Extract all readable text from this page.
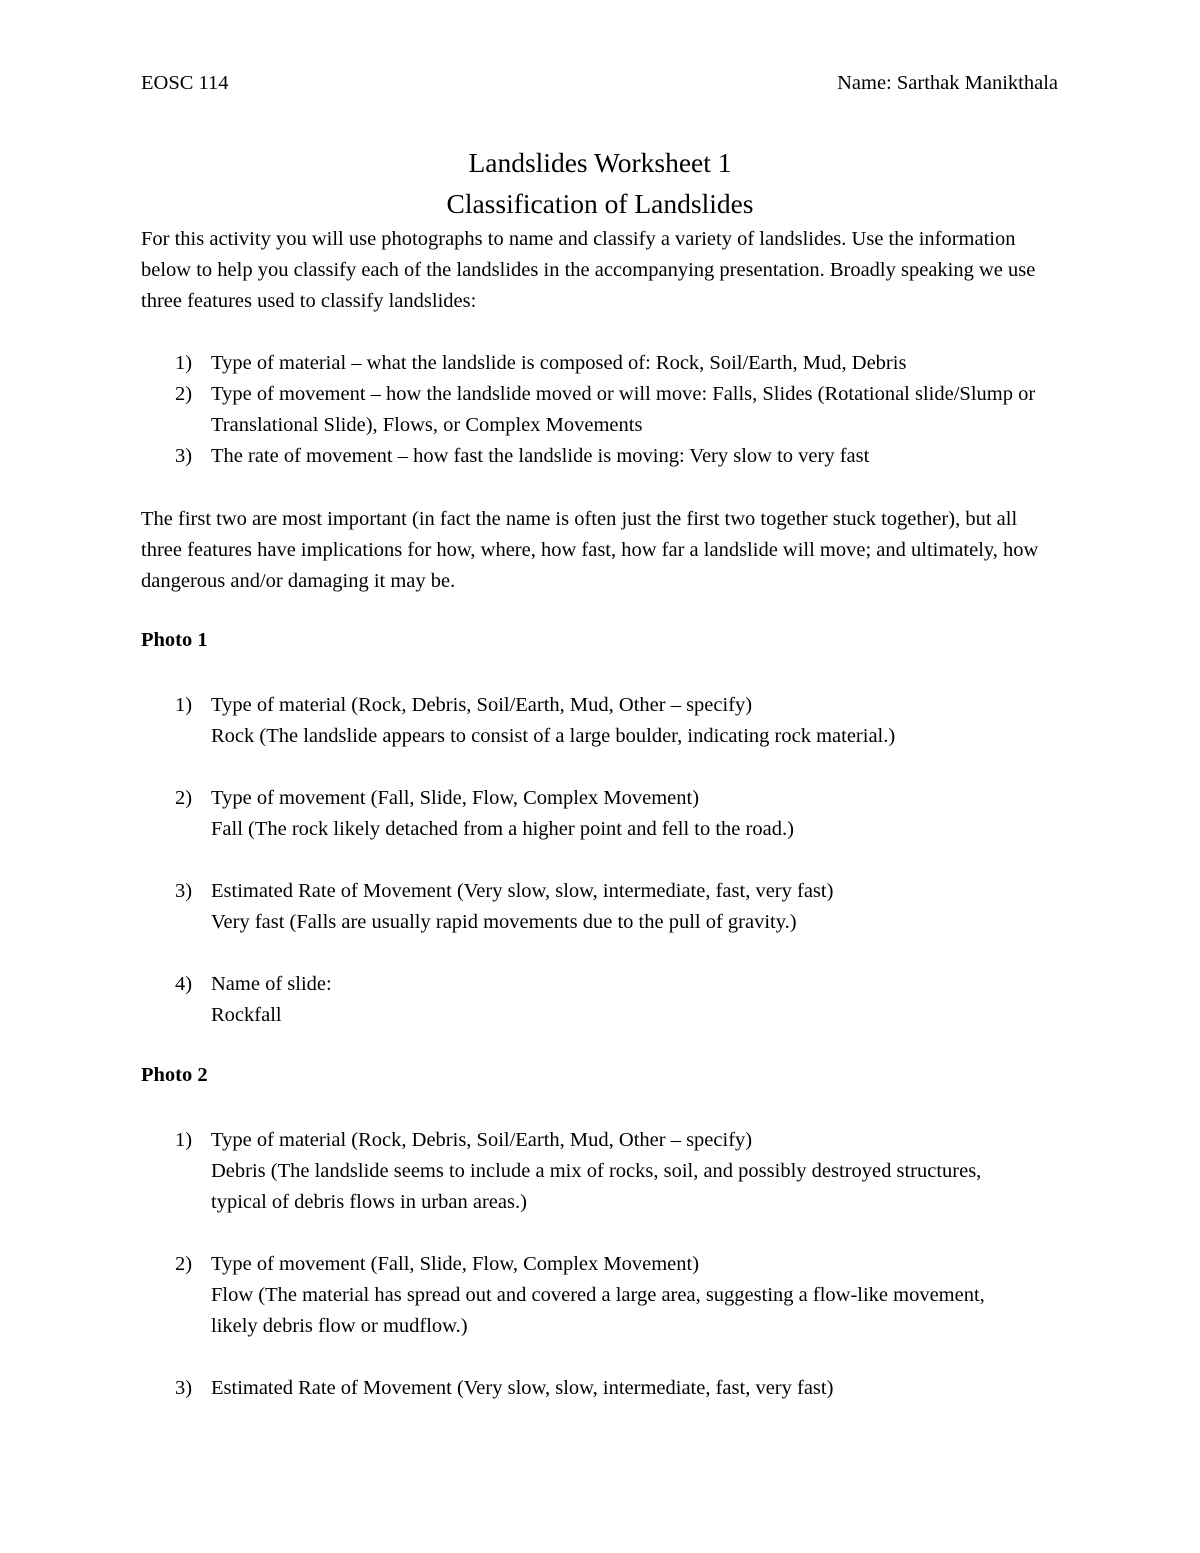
EOSC 114	Name: Sarthak Manikthala
Landslides Worksheet 1
Classification of Landslides

For this activity you will use photographs to name and classify a variety of landslides. Use the information below to help you classify each of the landslides in the accompanying presentation. Broadly speaking we use three features used to classify landslides:

1) Type of material – what the landslide is composed of: Rock, Soil/Earth, Mud, Debris
2) Type of movement – how the landslide moved or will move: Falls, Slides (Rotational slide/Slump or Translational Slide), Flows, or Complex Movements
3) The rate of movement – how fast the landslide is moving: Very slow to very fast

The first two are most important (in fact the name is often just the first two together stuck together), but all three features have implications for how, where, how fast, how far a landslide will move; and ultimately, how dangerous and/or damaging it may be.

Photo 1
1) Type of material (Rock, Debris, Soil/Earth, Mud, Other – specify)
Rock (The landslide appears to consist of a large boulder, indicating rock material.)
2) Type of movement (Fall, Slide, Flow, Complex Movement)
Fall (The rock likely detached from a higher point and fell to the road.)
3) Estimated Rate of Movement (Very slow, slow, intermediate, fast, very fast)
Very fast (Falls are usually rapid movements due to the pull of gravity.)
4) Name of slide:
Rockfall
Photo 2
1) Type of material (Rock, Debris, Soil/Earth, Mud, Other – specify)
Debris (The landslide seems to include a mix of rocks, soil, and possibly destroyed structures, typical of debris flows in urban areas.)
2) Type of movement (Fall, Slide, Flow, Complex Movement)
Flow (The material has spread out and covered a large area, suggesting a flow-like movement, likely debris flow or mudflow.)
3) Estimated Rate of Movement (Very slow, slow, intermediate, fast, very fast)
